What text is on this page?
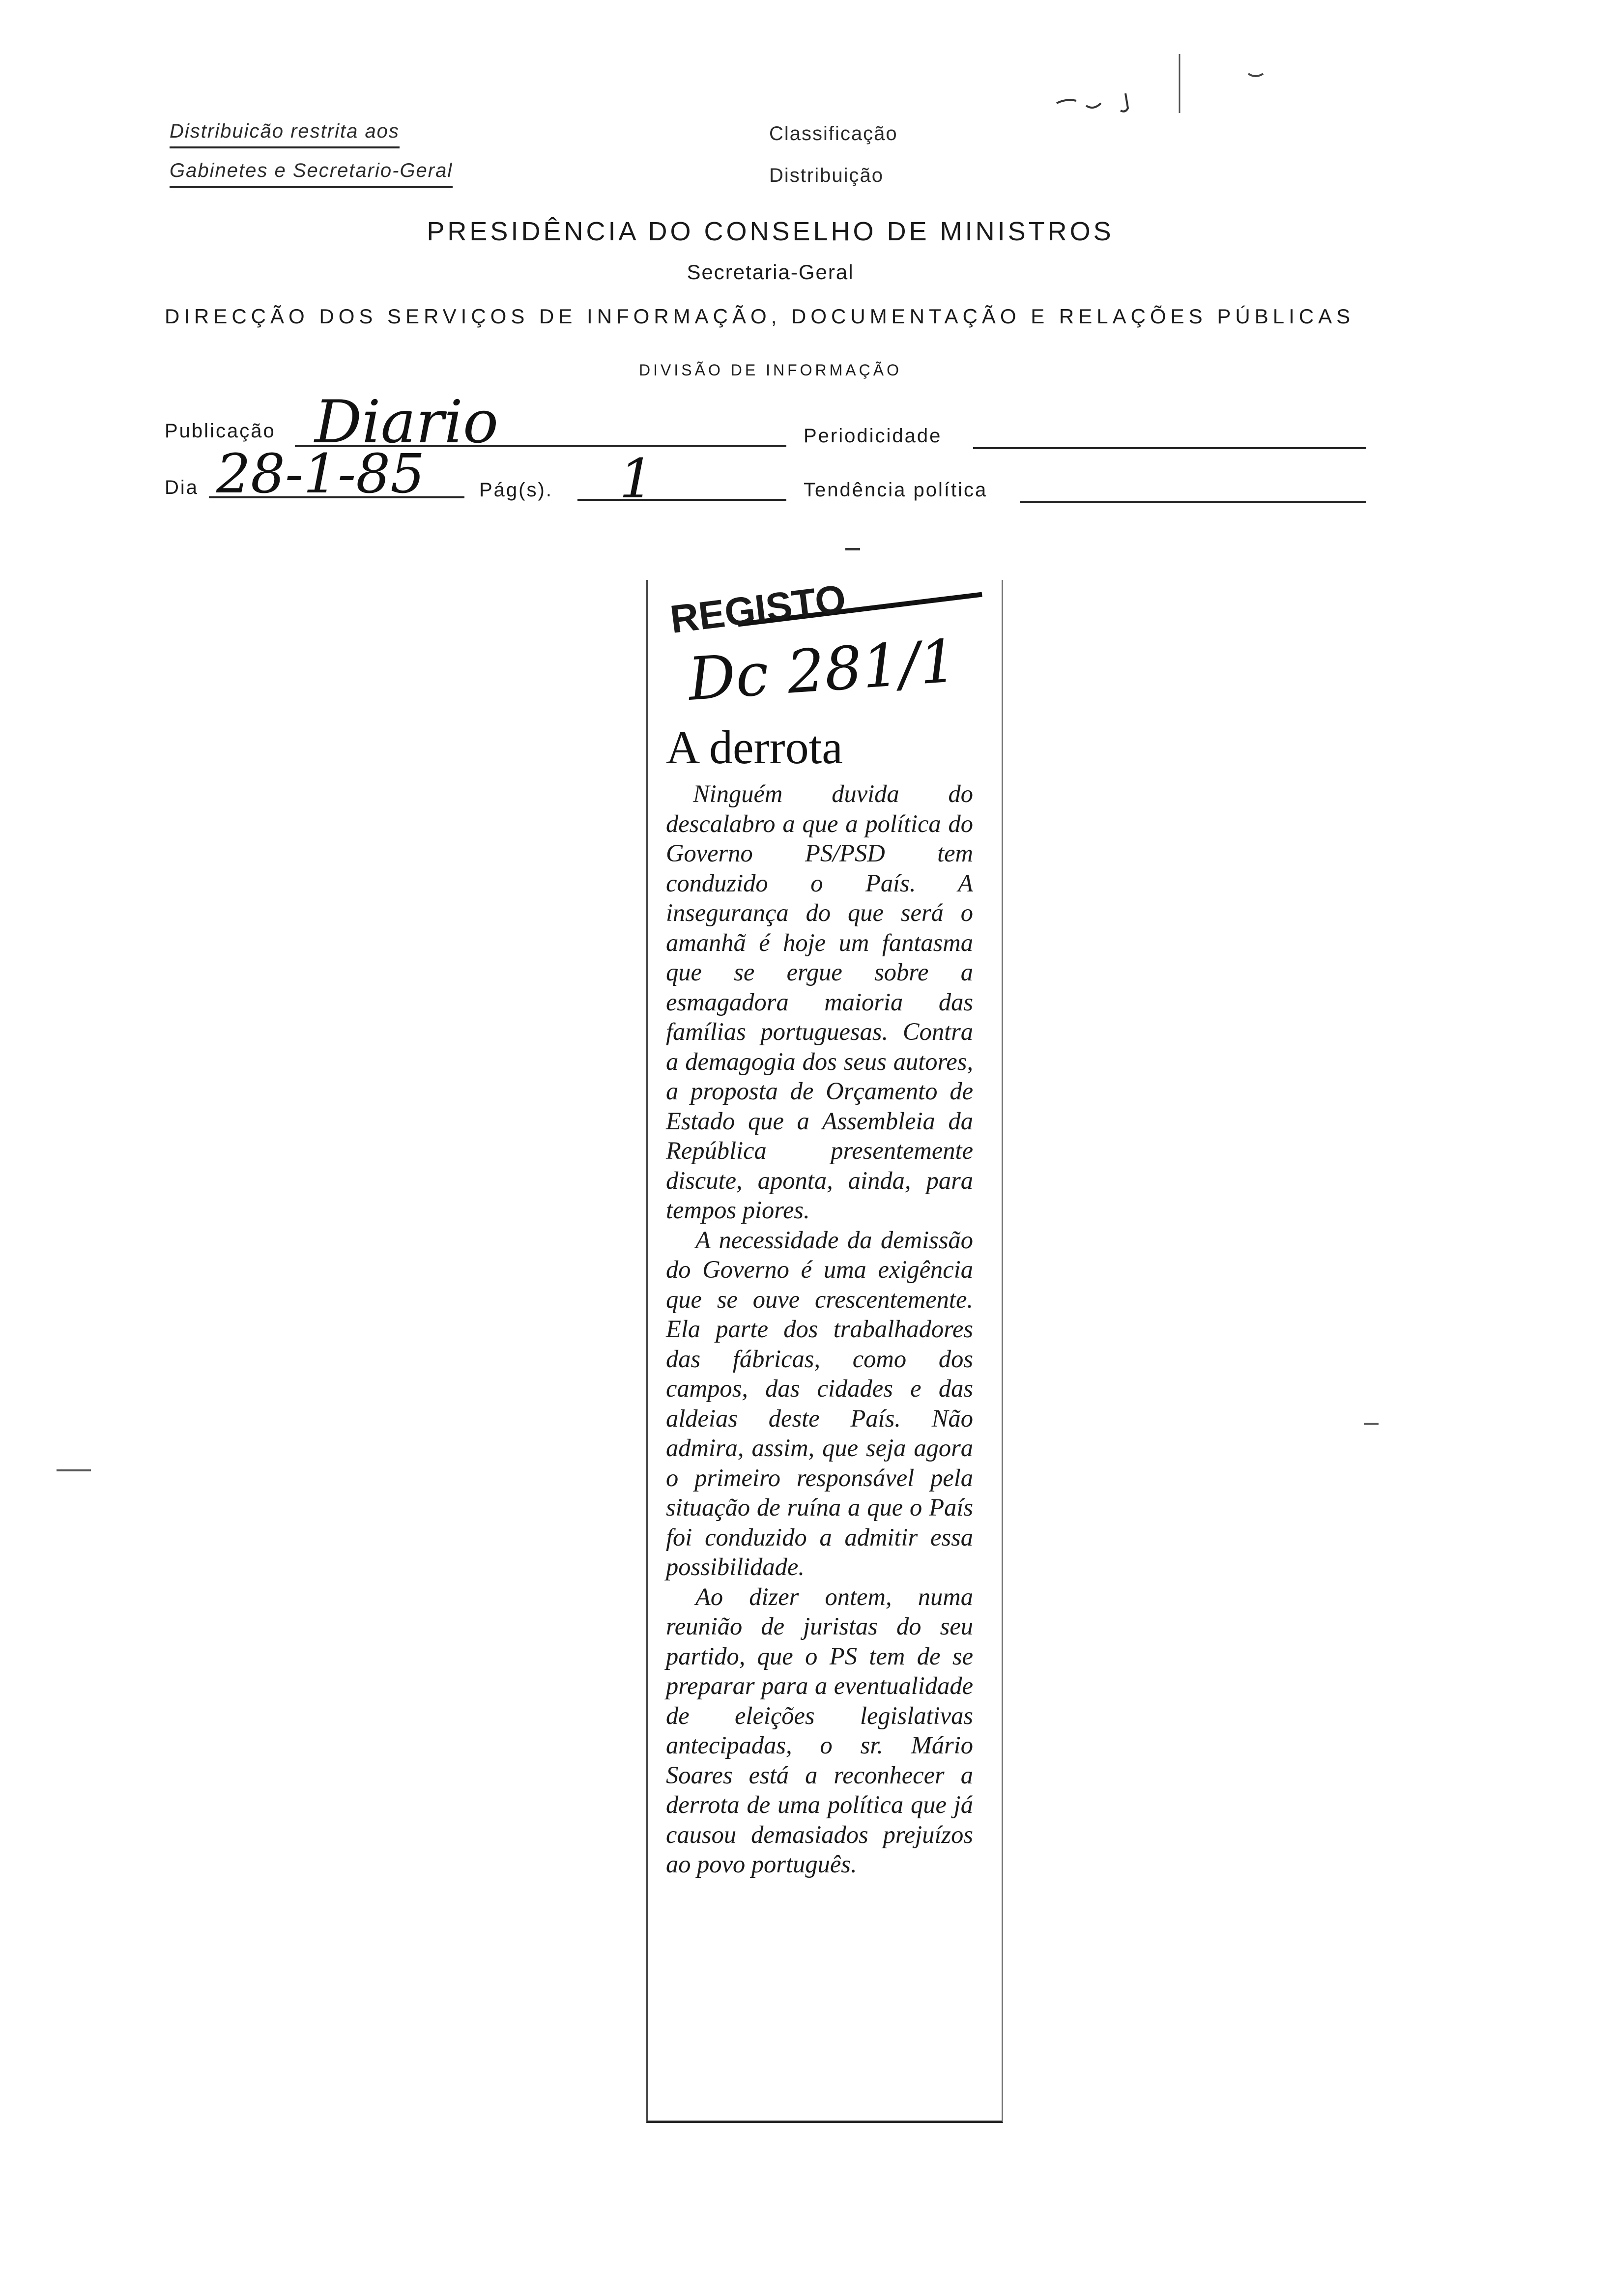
Distribuicão restrita aos
Gabinetes e Secretario-Geral
Classificação
Distribuição
PRESIDÊNCIA DO CONSELHO DE MINISTROS
Secretaria-Geral
DIRECÇÃO DOS SERVIÇOS DE INFORMAÇÃO, DOCUMENTAÇÃO E RELAÇÕES PÚBLICAS
DIVISÃO DE INFORMAÇÃO
Publicação Diario	Periodicidade
Dia 28-1-85	Pág(s). 1	Tendência política
REGISTO
Dc 281/1
A derrota

Ninguém duvida do descalabro a que a política do Governo PS/PSD tem conduzido o País. A insegurança do que será o amanhã é hoje um fantasma que se ergue sobre a esmagadora maioria das famílias portuguesas. Contra a demagogia dos seus autores, a proposta de Orçamento de Estado que a Assembleia da República presentemente discute, aponta, ainda, para tempos piores.

A necessidade da demissão do Governo é uma exigência que se ouve crescentemente. Ela parte dos trabalhadores das fábricas, como dos campos, das cidades e das aldeias deste País. Não admira, assim, que seja agora o primeiro responsável pela situação de ruína a que o País foi conduzido a admitir essa possibilidade.

Ao dizer ontem, numa reunião de juristas do seu partido, que o PS tem de se preparar para a eventualidade de eleições legislativas antecipadas, o sr. Mário Soares está a reconhecer a derrota de uma política que já causou demasiados prejuízos ao povo português.
